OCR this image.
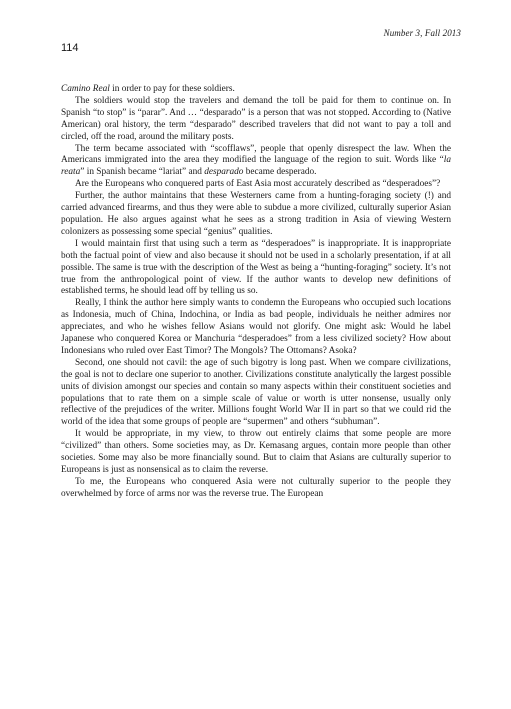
Number 3, Fall 2013
114

Camino Real in order to pay for these soldiers.

The soldiers would stop the travelers and demand the toll be paid for them to continue on. In Spanish “to stop” is “parar”. And … “desparado” is a person that was not stopped. According to (Native American) oral history, the term “desparado” described travelers that did not want to pay a toll and circled, off the road, around the military posts.

The term became associated with “scofflaws”, people that openly disrespect the law. When the Americans immigrated into the area they modified the language of the region to suit. Words like “la reata” in Spanish became “lariat” and desparado became desperado.

Are the Europeans who conquered parts of East Asia most accurately described as “desperadoes”?

Further, the author maintains that these Westerners came from a hunting-foraging society (!) and carried advanced firearms, and thus they were able to subdue a more civilized, culturally superior Asian population. He also argues against what he sees as a strong tradition in Asia of viewing Western colonizers as possessing some special “genius” qualities.

I would maintain first that using such a term as “desperadoes” is inappropriate. It is inappropriate both the factual point of view and also because it should not be used in a scholarly presentation, if at all possible. The same is true with the description of the West as being a “hunting-foraging” society. It’s not true from the anthropological point of view. If the author wants to develop new definitions of established terms, he should lead off by telling us so.

Really, I think the author here simply wants to condemn the Europeans who occupied such locations as Indonesia, much of China, Indochina, or India as bad people, individuals he neither admires nor appreciates, and who he wishes fellow Asians would not glorify. One might ask: Would he label Japanese who conquered Korea or Manchuria “desperadoes” from a less civilized society? How about Indonesians who ruled over East Timor? The Mongols? The Ottomans? Asoka?

Second, one should not cavil: the age of such bigotry is long past. When we compare civilizations, the goal is not to declare one superior to another. Civilizations constitute analytically the largest possible units of division amongst our species and contain so many aspects within their constituent societies and populations that to rate them on a simple scale of value or worth is utter nonsense, usually only reflective of the prejudices of the writer. Millions fought World War II in part so that we could rid the world of the idea that some groups of people are “supermen” and others “subhuman”.

It would be appropriate, in my view, to throw out entirely claims that some people are more “civilized” than others. Some societies may, as Dr. Kemasang argues, contain more people than other societies. Some may also be more financially sound. But to claim that Asians are culturally superior to Europeans is just as nonsensical as to claim the reverse.

To me, the Europeans who conquered Asia were not culturally superior to the people they overwhelmed by force of arms nor was the reverse true. The European
